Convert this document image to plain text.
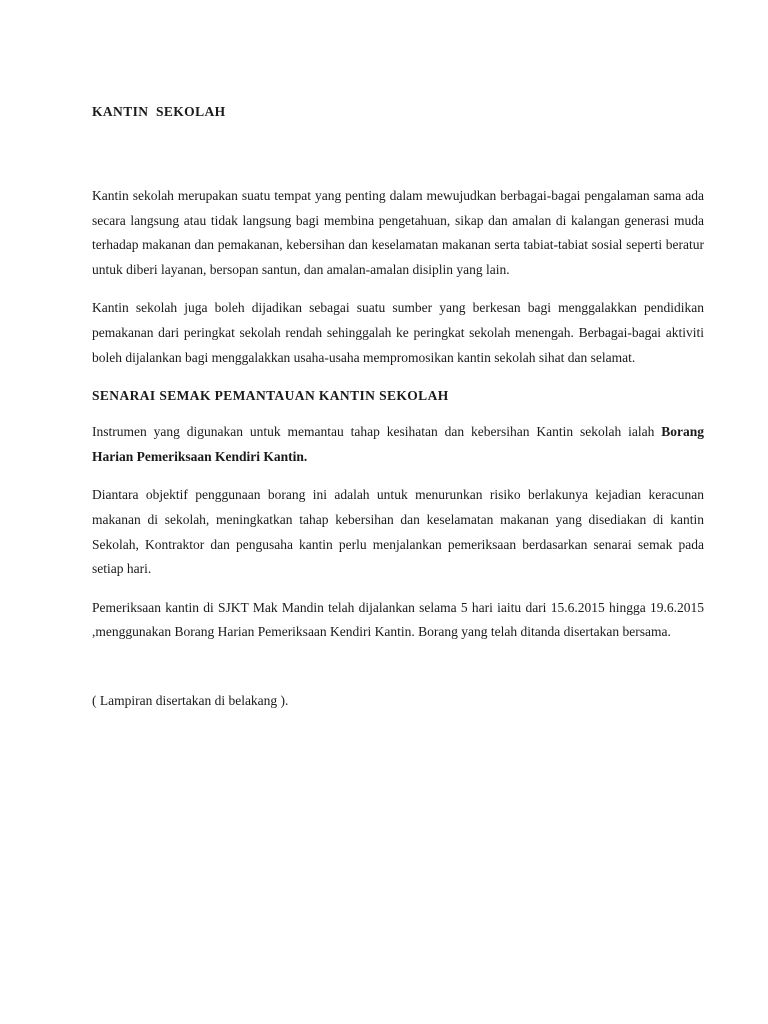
KANTIN  SEKOLAH

Kantin sekolah merupakan suatu tempat yang penting dalam mewujudkan berbagai-bagai pengalaman sama ada secara langsung atau tidak langsung bagi membina pengetahuan, sikap dan amalan di kalangan generasi muda terhadap makanan dan pemakanan, kebersihan dan keselamatan makanan serta tabiat-tabiat sosial seperti beratur untuk diberi layanan, bersopan santun, dan amalan-amalan disiplin yang lain.

Kantin sekolah juga boleh dijadikan sebagai suatu sumber yang berkesan bagi menggalakkan pendidikan pemakanan dari peringkat sekolah rendah sehinggalah ke peringkat sekolah menengah. Berbagai-bagai aktiviti boleh dijalankan bagi menggalakkan usaha-usaha mempromosikan kantin sekolah sihat dan selamat.

SENARAI SEMAK PEMANTAUAN KANTIN SEKOLAH

Instrumen yang digunakan untuk memantau tahap kesihatan dan kebersihan Kantin sekolah ialah Borang Harian Pemeriksaan Kendiri Kantin.

Diantara objektif penggunaan borang ini adalah untuk menurunkan risiko berlakunya kejadian keracunan makanan di sekolah, meningkatkan tahap kebersihan dan keselamatan makanan yang disediakan di kantin Sekolah, Kontraktor dan pengusaha kantin perlu menjalankan pemeriksaan berdasarkan senarai semak pada setiap hari.

Pemeriksaan kantin di SJKT Mak Mandin telah dijalankan selama 5 hari iaitu dari 15.6.2015 hingga 19.6.2015 ,menggunakan Borang Harian Pemeriksaan Kendiri Kantin. Borang yang telah ditanda disertakan bersama.

( Lampiran disertakan di belakang ).
